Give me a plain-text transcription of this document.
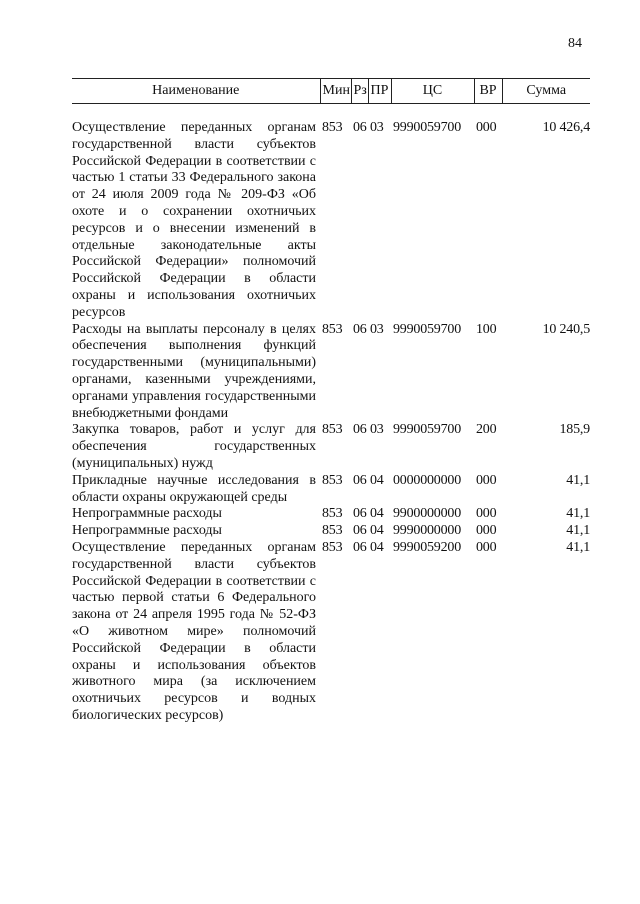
84
Наименование	Мин	Рз	ПР	ЦС	ВР	Сумма
Осуществление переданных органам государственной власти субъектов Российской Федерации в соответствии с частью 1 статьи 33 Федерального закона от 24 июля 2009 года № 209-ФЗ «Об охоте и о сохранении охотничьих ресурсов и о внесении изменений в отдельные законодательные акты Российской Федерации» полномочий Российской Федерации в области охраны и использования охотничьих ресурсов	853	06	03	9990059700	000	10 426,4
Расходы на выплаты персоналу в целях обеспечения выполнения функций государственными (муниципальными) органами, казенными учреждениями, органами управления государственными внебюджетными фондами	853	06	03	9990059700	100	10 240,5
Закупка товаров, работ и услуг для обеспечения государственных (муниципальных) нужд	853	06	03	9990059700	200	185,9
Прикладные научные исследования в области охраны окружающей среды	853	06	04	0000000000	000	41,1
Непрограммные расходы	853	06	04	9900000000	000	41,1
Непрограммные расходы	853	06	04	9990000000	000	41,1
Осуществление переданных органам государственной власти субъектов Российской Федерации в соответствии с частью первой статьи 6 Федерального закона от 24 апреля 1995 года № 52-ФЗ «О животном мире» полномочий Российской Федерации в области охраны и использования объектов животного мира (за исключением охотничьих ресурсов и водных биологических ресурсов)	853	06	04	9990059200	000	41,1
